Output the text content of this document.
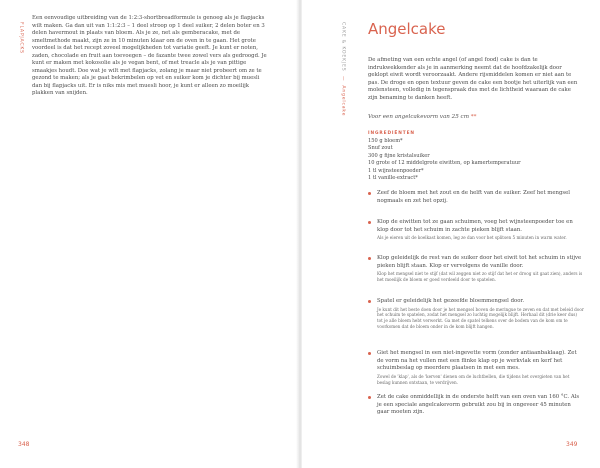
FLAPJACKS

Een eenvoudige uitbreiding van de 1:2:3-shortbreadformule is genoeg als je flapjacks wilt maken. Ga dan uit van 1:1:2:3 – 1 deel stroop op 1 deel suiker, 2 delen boter en 3 delen havermout in plaats van bloem. Als je ze, net als gemberacake, met de smeltmethode maakt, zijn ze in 10 minuten klaar om de oven in te gaan. Het grote voordeel is dat het recept zoveel mogelijkheden tot variatie geeft. Je kunt er noten, zaden, chocolade en fruit aan toevoegen – de fazante twee zowel vers als gedroogd. Je kunt er maken met kokosolie als je vegan bent, of met treacle als je van pittige smaakjes houdt. Doe wat je wilt met flapjacks, zolang je maar niet probeert om ze te gezond te maken; als je gaat bekrimbelen op vet en suiker kom je dichter bij muesli dan bij flapjacks uit. Er is niks mis met muesli hoor, je kunt er alleen zo moeilijk plakken van snijden.

348
CAKE & KOEKJES — Angelcake
Angelcake

De afmeting van een echte angel (of angel food) cake is dan te indrukwekkender als je in aanmerking neemt dat de hoofdzakelijk door geklopt eiwit wordt veroorzaakt. Andere rijsmiddelen komen er niet aan te pas. De droge en open textuur geven de cake een bootje het uiterlijk van een molensteen, volledig in tegenspraak dus met de lichtheid waaraan de cake zijn benaming te danken heeft.

Voor een angelcakevorm van 25 cm **

INGREDIËNTEN
150 g bloem*
Snuf zout
300 g fijne kristalsuiker
10 grote of 12 middelgrote eiwitten, op kamertemperatuur
1 tl wijnsteenpoeder*
1 tl vanille-extract*

Zeef de bloem met het zout en de helft van de suiker. Zeef het mengsel nogmaals en zet het opzij.

Klop de eiwitten tot ze gaan schuimen, voeg het wijnsteenpoeder toe en klop door tot het schuim in zachte pieken blijft staan.

Als je eieren uit de koelkast komen, leg ze dan voor het splitsen 5 minuten in warm water.

Klop geleidelijk de rest van de suiker door het eiwit tot het schuim in stijve pieken blijft staan. Klop er vervolgens de vanille door.

Klop het mengsel niet te stijf (dat wil zeggen niet zo stijf dat het er droog uit gaat zien), anders is het moeilijk de bloem er goed verdeeld door te spatelen.

Spatel er geleidelijk het gezeefde bloemmengsel door.

Je kunt dit het beste doen door je het mengsel boven de meringue te zeven en dat met beleid door het schuim te spatelen, zodat het mengsel zo luchtig mogelijk blijft. Herhaal dit (drie keer dus) tot je alle bloem hebt verwerkt. Ga met de spatel telkens over de bodem van de kom om te voorkomen dat de bloem onder in de kom blijft hangen.

Giet het mengsel in een niet-ingevette vorm (zonder antiaanbaklaag). Zet de vorm na het vullen met een flinke klap op je werkvlak en kerf het schuimbeslag op meerdere plaatsen in met een mes.

Zowel de 'klap', als de 'kerven' dienen om de luchtbellen, die tijdens het overgieten van het beslag kunnen ontstaan, te verdrijven.

Zet de cake onmiddellijk in de onderste helft van een oven van 160 °C. Als je een speciale angelcakevorm gebruikt zou bij in ongeveer 45 minuten gaar moeten zijn.

349
